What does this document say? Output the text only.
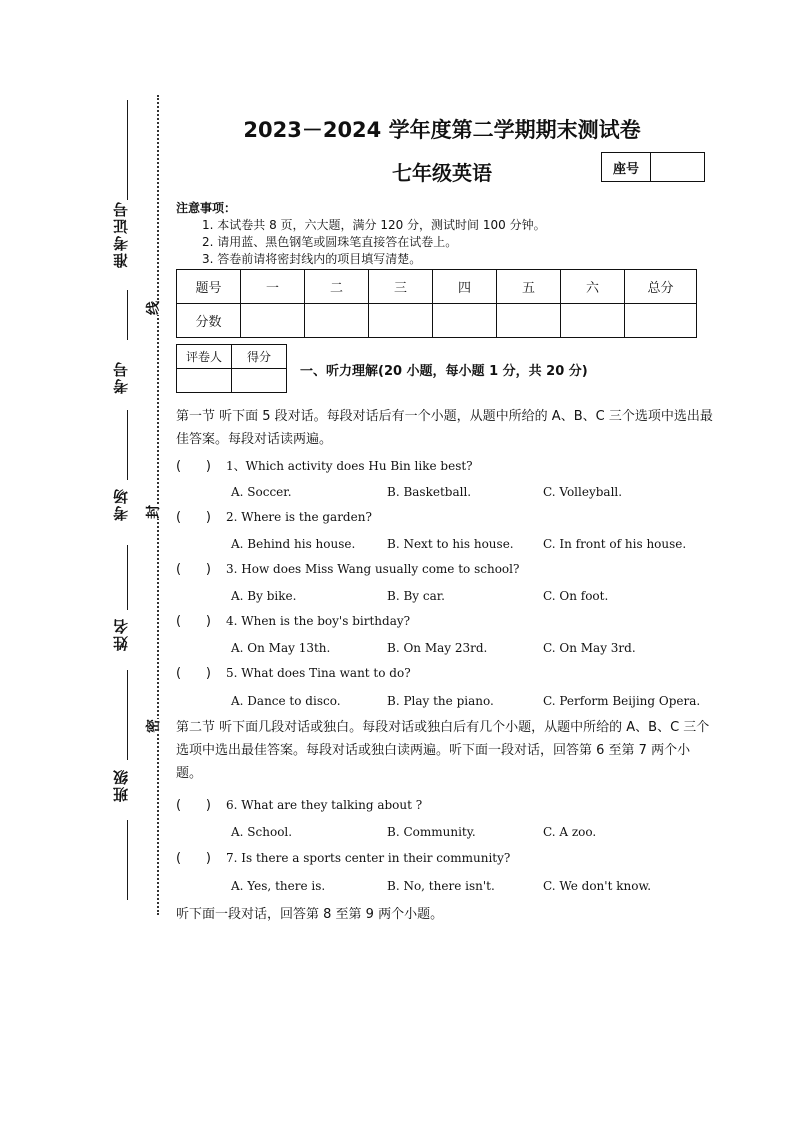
准考证号
考号
考场
姓名
班级
线
封
密
2023－2024 学年度第二学期期末测试卷
七年级英语	座号
注意事项：
1. 本试卷共 8 页，六大题，满分 120 分，测试时间 100 分钟。
2. 请用蓝、黑色钢笔或圆珠笔直接答在试卷上。
3. 答卷前请将密封线内的项目填写清楚。
题号	一	二	三	四	五	六	总分
分数							
评卷人	得分

一、听力理解(20 小题，每小题 1 分，共 20 分)
第一节 听下面 5 段对话。每段对话后有一个小题，从题中所给的 A、B、C 三个选项中选出最佳答案。每段对话读两遍。
( ) 1、Which activity does Hu Bin like best?
A. Soccer.	B. Basketball.	C. Volleyball.
( ) 2. Where is the garden?
A. Behind his house.	B. Next to his house. C. In front of his house.
( ) 3. How does Miss Wang usually come to school?
A. By bike.	B. By car.	C. On foot.
( ) 4. When is the boy's birthday?
A. On May 13th.	B. On May 23rd.	C. On May 3rd.
( ) 5. What does Tina want to do?
A. Dance to disco.	B. Play the piano.	C. Perform Beijing Opera.
第二节 听下面几段对话或独白。每段对话或独白后有几个小题，从题中所给的 A、B、C 三个选项中选出最佳答案。每段对话或独白读两遍。听下面一段对话，回答第 6 至第 7 两个小题。
( ) 6. What are they talking about ?
A. School.	B. Community.	C. A zoo.
( ) 7. Is there a sports center in their community?
A. Yes, there is.	B. No, there isn't.	C. We don't know.
听下面一段对话，回答第 8 至第 9 两个小题。
